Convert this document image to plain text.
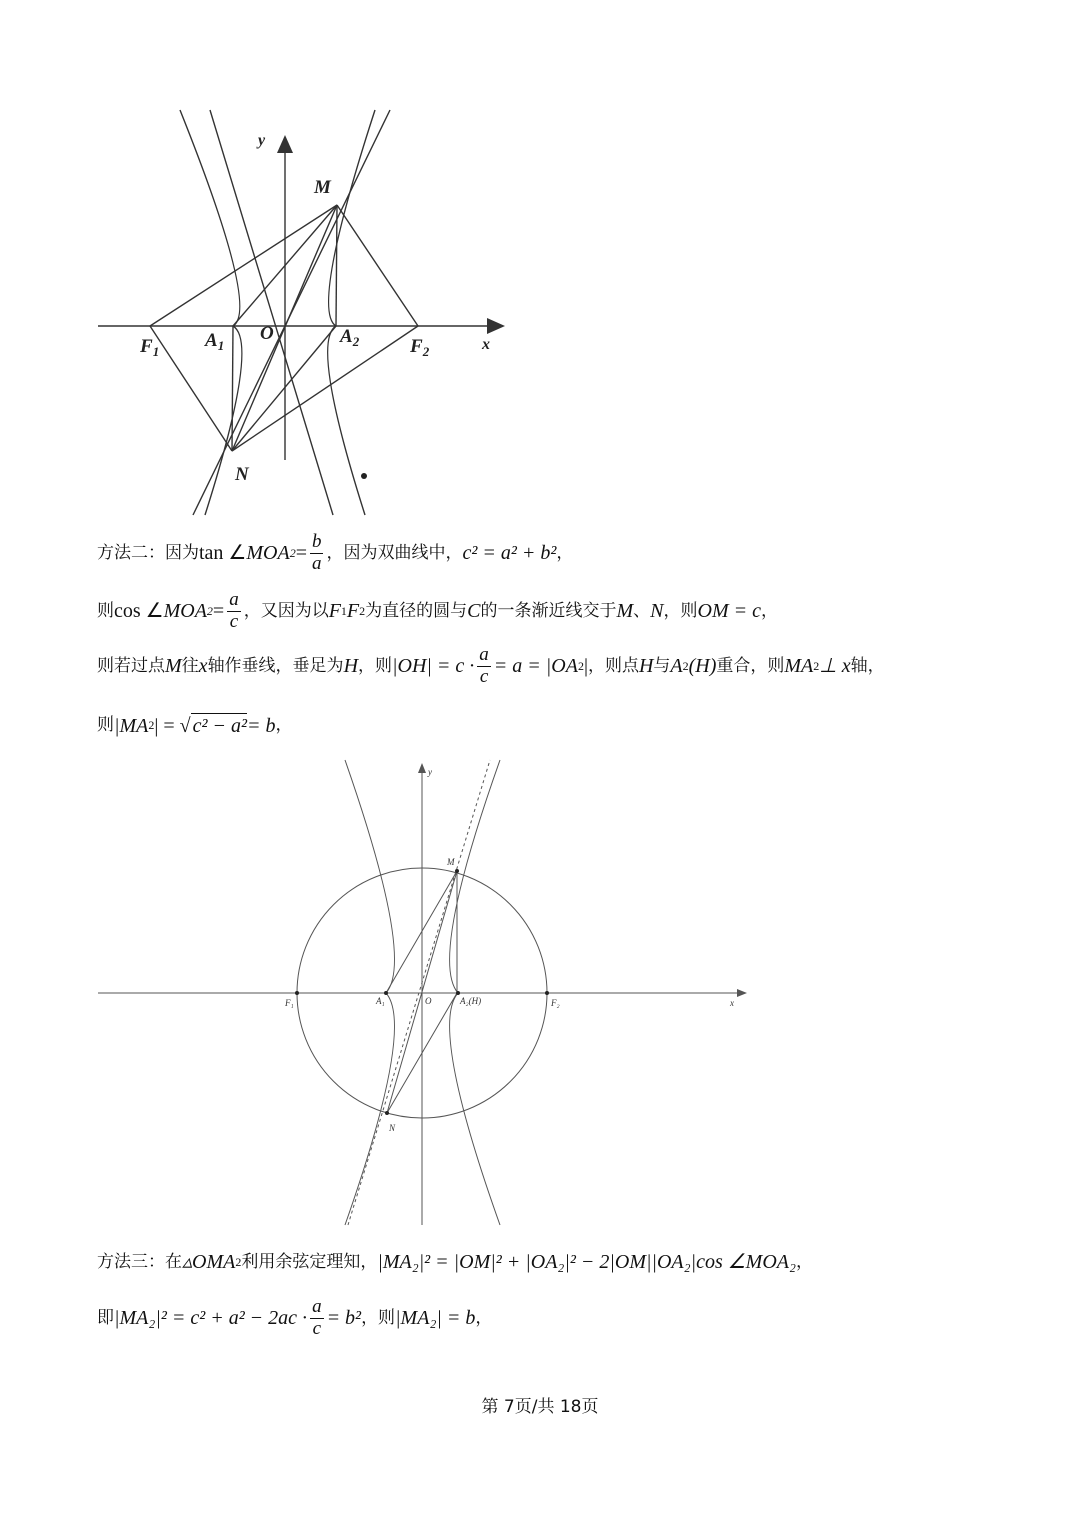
y
x
M
N
O
$F_1$
$A_1$	$A_2$	$F_2$
方法二：因为 tan ∠ MOA $2 = \frac{b}{a}$ ，因为双曲线中， c² = a² + b² ，
则 cos ∠ MOA $2 = \frac{a}{c}$ ，又因为以 F 1 F 2 为直径的圆与 C 的一条渐近线交于 M 、 N ，则 OM = c ，
则若过点 M 往 x 轴作垂线，垂足为 H ，则 $|OH| = c \cdot \frac{a}{c} = a = |OA$ 2 | ，则点 H 与 A 2 (H) 重合，则 MA 2 ⊥ x 轴，
则 |MA 2 | = √ c² − a² = b ，
y
x
M
N
O
F₁	A₁	A₂(H)	F₂
方法三：在 ▵OMA 2 利用余弦定理知， |MA₂|² = |OM|² + |OA₂|² − 2|OM||OA₂|cos ∠MOA₂ ，
即 $|MA_2|^2 = c^2 + a^2 - 2ac \cdot \frac{a}{c} = b^2$ ，则 |MA₂| = b ，
第 7页/共 18页
